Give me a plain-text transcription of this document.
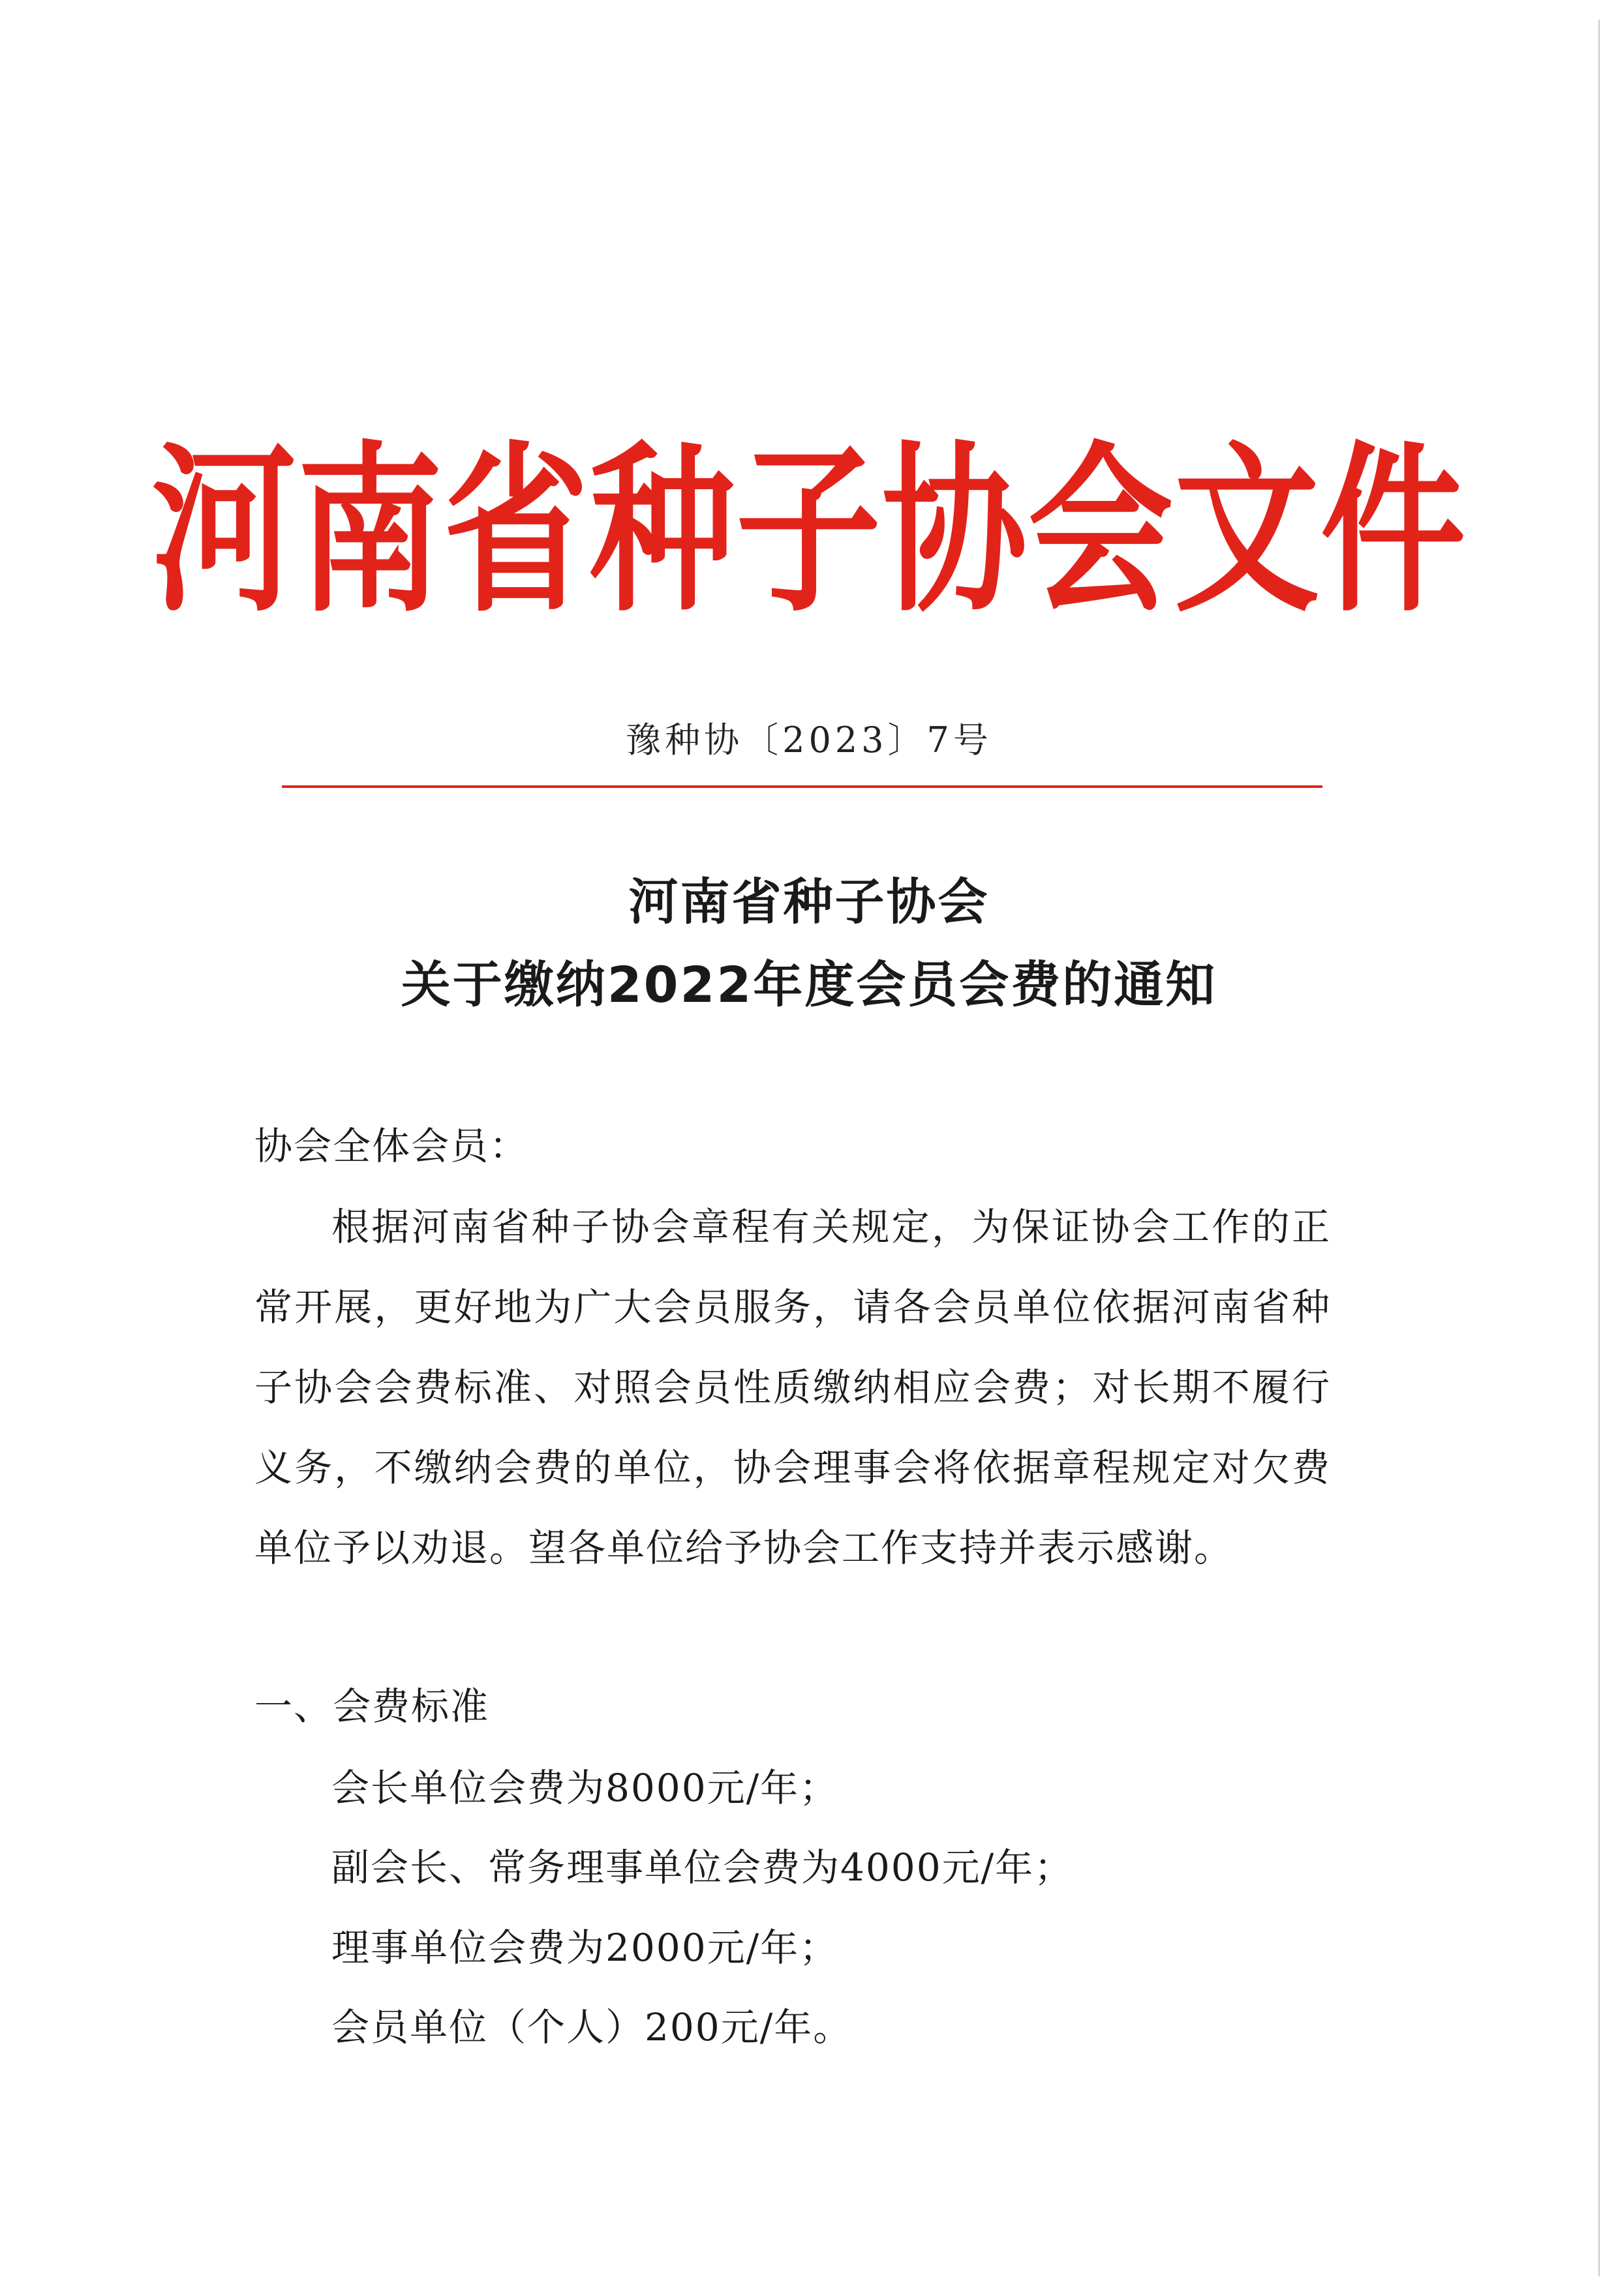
河南省种子协会文件
豫种协〔2023〕7号
河南省种子协会
关于缴纳2022年度会员会费的通知
协会全体会员：
根据河南省种子协会章程有关规定，为保证协会工作的正常开展，更好地为广大会员服务，请各会员单位依据河南省种子协会会费标准、对照会员性质缴纳相应会费；对长期不履行义务，不缴纳会费的单位，协会理事会将依据章程规定对欠费单位予以劝退。望各单位给予协会工作支持并表示感谢。
一、会费标准
会长单位会费为8000元/年；
副会长、常务理事单位会费为4000元/年；
理事单位会费为2000元/年；
会员单位（个人）200元/年。
